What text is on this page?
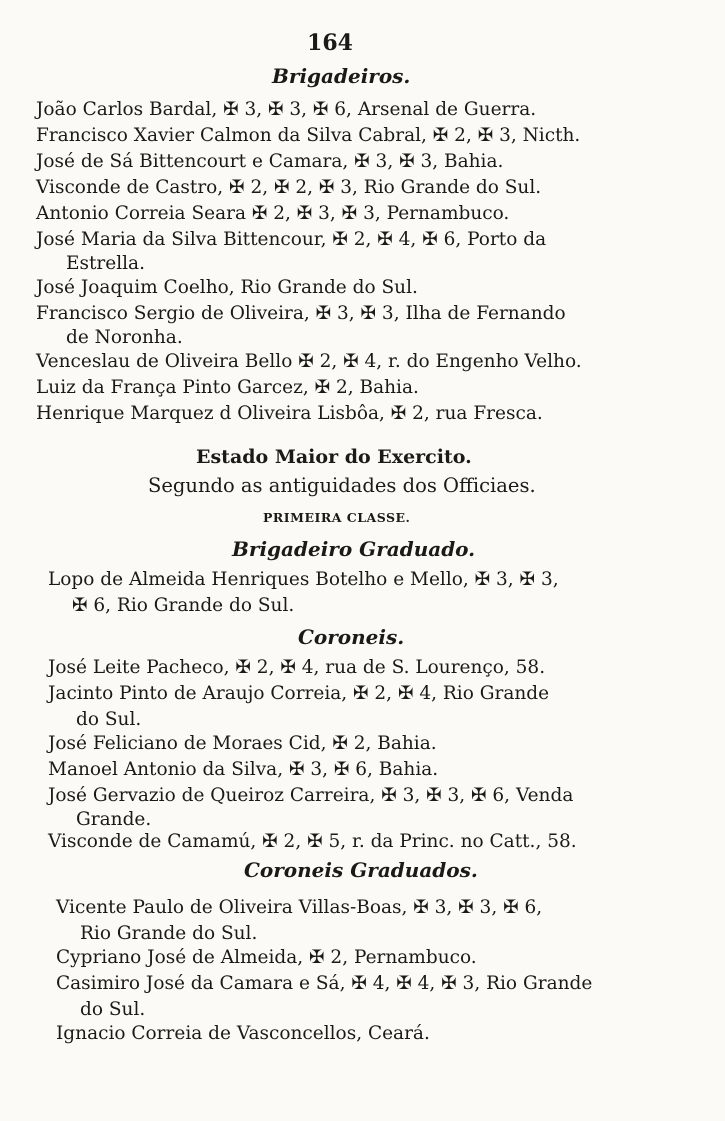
164
Brigadeiros.
João Carlos Bardal, ✠ 3, ✠ 3, ✠ 6, Arsenal de Guerra.
Francisco Xavier Calmon da Silva Cabral, ✠ 2, ✠ 3, Nicth.
José de Sá Bittencourt e Camara, ✠ 3, ✠ 3, Bahia.
Visconde de Castro, ✠ 2, ✠ 2, ✠ 3, Rio Grande do Sul.
Antonio Correia Seara ✠ 2, ✠ 3, ✠ 3, Pernambuco.
José Maria da Silva Bittencour, ✠ 2, ✠ 4, ✠ 6, Porto da
Estrella.
José Joaquim Coelho, Rio Grande do Sul.
Francisco Sergio de Oliveira, ✠ 3, ✠ 3, Ilha de Fernando
de Noronha.
Venceslau de Oliveira Bello ✠ 2, ✠ 4, r. do Engenho Velho.
Luiz da França Pinto Garcez, ✠ 2, Bahia.
Henrique Marquez d Oliveira Lisbôa, ✠ 2, rua Fresca.
Estado Maior do Exercito.
Segundo as antiguidades dos Officiaes.
PRIMEIRA CLASSE.
Brigadeiro Graduado.
Lopo de Almeida Henriques Botelho e Mello, ✠ 3, ✠ 3,
✠ 6, Rio Grande do Sul.
Coroneis.
José Leite Pacheco, ✠ 2, ✠ 4, rua de S. Lourenço, 58.
Jacinto Pinto de Araujo Correia, ✠ 2, ✠ 4, Rio Grande
do Sul.
José Feliciano de Moraes Cid, ✠ 2, Bahia.
Manoel Antonio da Silva, ✠ 3, ✠ 6, Bahia.
José Gervazio de Queiroz Carreira, ✠ 3, ✠ 3, ✠ 6, Venda
Grande.
Visconde de Camamú, ✠ 2, ✠ 5, r. da Princ. no Catt., 58.
Coroneis Graduados.
Vicente Paulo de Oliveira Villas-Boas, ✠ 3, ✠ 3, ✠ 6,
Rio Grande do Sul.
Cypriano José de Almeida, ✠ 2, Pernambuco.
Casimiro José da Camara e Sá, ✠ 4, ✠ 4, ✠ 3, Rio Grande
do Sul.
Ignacio Correia de Vasconcellos, Ceará.
